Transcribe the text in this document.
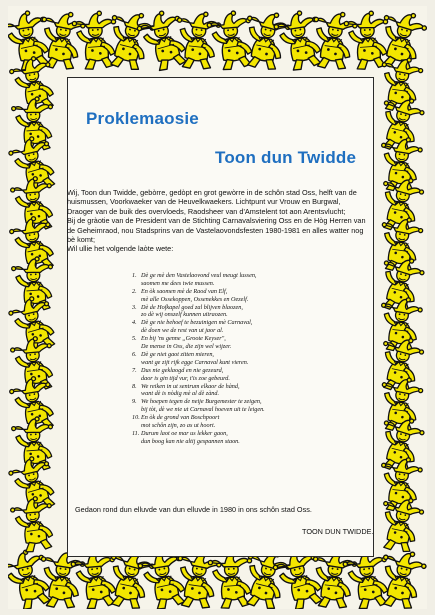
Proklemaosie
Toon dun Twidde

Wij, Toon dun Twidde, gebòrre, gedòpt en grot gewòrre in de schôn stad Oss, helft van de huismussen, Voorkwaeker van de Heuvelkwaekers. Lichtpunt vur Vrouw en Burgwal, Draoger van de buik des overvloeds, Raodsheer van d'Amstelent tot aon Arentsvlucht;

Bij de gràotie van de President van de Stichting Carnavalsviering Oss en de Hòg Herren van de Geheimraod, nou Stadsprins van de Vastelaovondsfesten 1980-1981 en alles watter nog bè komt;

Wil ullie het volgende laòte wete:

1. Dè ge mè den Vastelaovond veul meugt lussen,
saomen me dees twie mussen.
2. En òk saomen mè de Raod van Elf,
mè alle Ossekoppen, Ossenekkes en Oezelf.
3. Dè de Hofkapel goed zal blijven blaozen,
zo dè wij onszelf kunnen uitraozen.
4. Dè ge nie behoef te bezuinigen mè Carnaval,
dè doen we de rest van ut jaor al.
5. En bij 'ns genne „Groote Keyser",
De mense in Oss, die zijn wel wijzer.
6. Dè ge niet gaot zitten mieren,
want ge zijt rijk egge Carnaval kunt vieren.
7. Dus nie geklaogd en nie gezeurd,
daor is gin tijd vur, t'is zoe gebeurd.
8. We reiken in ut sentrum elkaor de hànd,
want dè is nòdig mè al dè zànd.
9. We hoepen tegen de neije Burgemester te zeigen,
bij tòt, dè we nie ut Carnaval hoeven uit te leigen.
10. En òk de grond van Boschpoort
mot schôn zijn, zo as ut hoort.
11. Durum laot oe mar us lekker gaon,
dun boog kan nie altij gespannen staon.
Gedaon rond dun elluvde van dun elluvde in 1980 in ons schôn stad Oss.
TOON DUN TWIDDE.
